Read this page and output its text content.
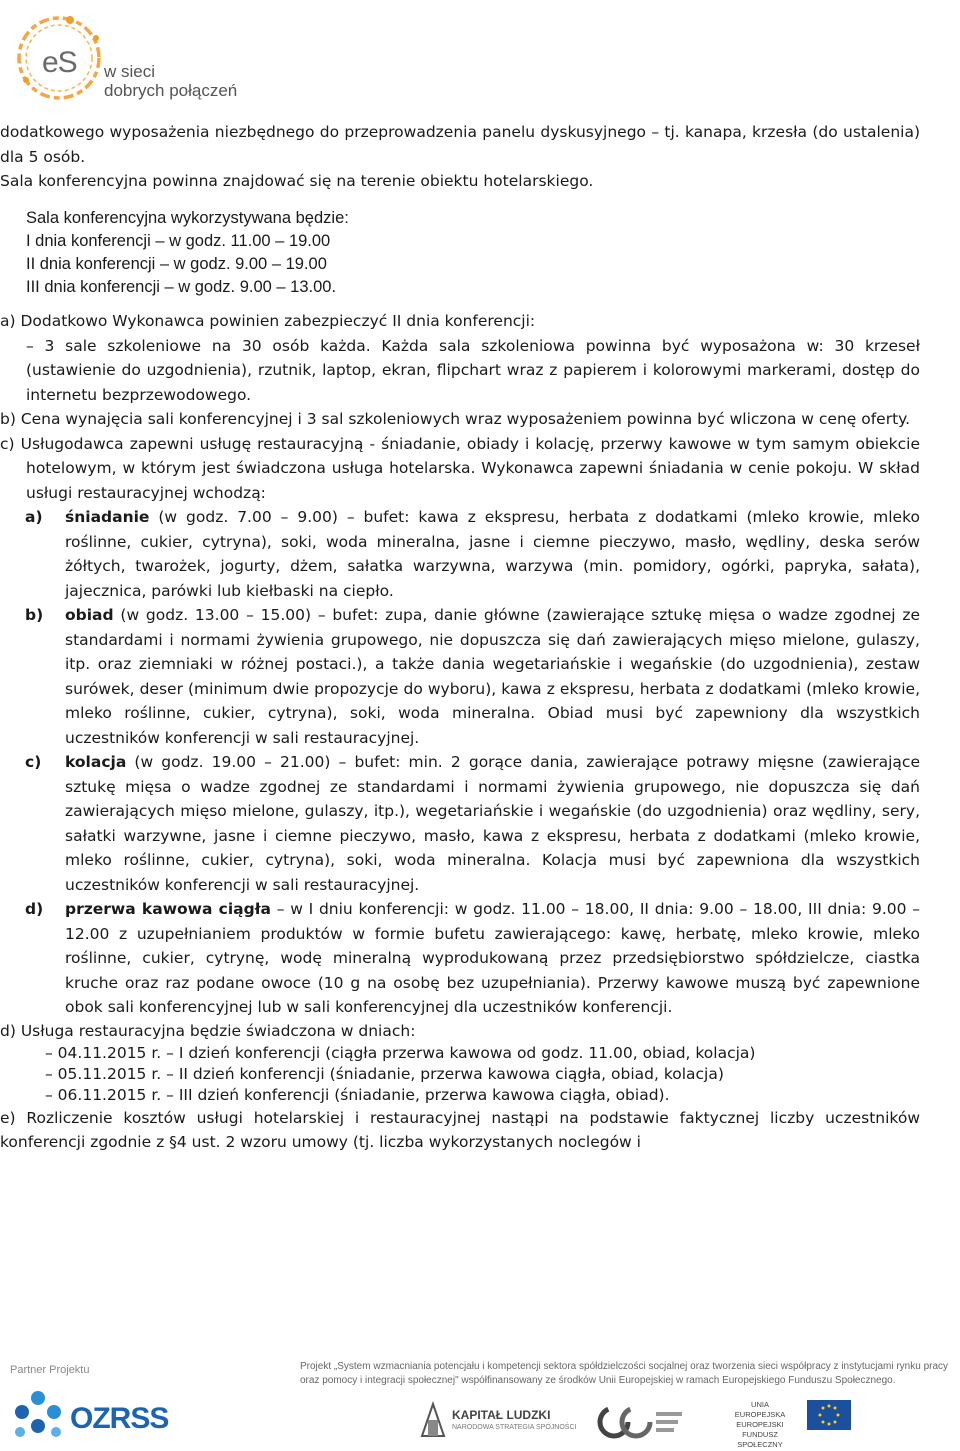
eS w sieci
dobrych połączeń
dodatkowego wyposażenia niezbędnego do przeprowadzenia panelu dyskusyjnego – tj. kanapa, krzesła (do ustalenia) dla 5 osób.
Sala konferencyjna powinna znajdować się na terenie obiektu hotelarskiego.
Sala konferencyjna wykorzystywana będzie:
I dnia konferencji – w godz. 11.00 – 19.00
II dnia konferencji – w godz. 9.00 – 19.00
III dnia konferencji – w godz. 9.00 – 13.00.
a) Dodatkowo Wykonawca powinien zabezpieczyć II dnia konferencji:
– 3 sale szkoleniowe na 30 osób każda. Każda sala szkoleniowa powinna być wyposażona w: 30 krzeseł (ustawienie do uzgodnienia), rzutnik, laptop, ekran, flipchart wraz z papierem i kolorowymi markerami, dostęp do internetu bezprzewodowego.
b) Cena wynajęcia sali konferencyjnej i 3 sal szkoleniowych wraz wyposażeniem powinna być wliczona w cenę oferty.
c) Usługodawca zapewni usługę restauracyjną - śniadanie, obiady i kolację, przerwy kawowe w tym samym obiekcie hotelowym, w którym jest świadczona usługa hotelarska. Wykonawca zapewni śniadania w cenie pokoju. W skład usługi restauracyjnej wchodzą:
a) śniadanie (w godz. 7.00 – 9.00) – bufet: kawa z ekspresu, herbata z dodatkami (mleko krowie, mleko roślinne, cukier, cytryna), soki, woda mineralna, jasne i ciemne pieczywo, masło, wędliny, deska serów żółtych, twarożek, jogurty, dżem, sałatka warzywna, warzywa (min. pomidory, ogórki, papryka, sałata), jajecznica, parówki lub kiełbaski na ciepło.
b) obiad (w godz. 13.00 – 15.00) – bufet: zupa, danie główne (zawierające sztukę mięsa o wadze zgodnej ze standardami i normami żywienia grupowego, nie dopuszcza się dań zawierających mięso mielone, gulaszy, itp. oraz ziemniaki w różnej postaci.), a także dania wegetariańskie i wegańskie (do uzgodnienia), zestaw surówek, deser (minimum dwie propozycje do wyboru), kawa z ekspresu, herbata z dodatkami (mleko krowie, mleko roślinne, cukier, cytryna), soki, woda mineralna. Obiad musi być zapewniony dla wszystkich uczestników konferencji w sali restauracyjnej.
c) kolacja (w godz. 19.00 – 21.00) – bufet: min. 2 gorące dania, zawierające potrawy mięsne (zawierające sztukę mięsa o wadze zgodnej ze standardami i normami żywienia grupowego, nie dopuszcza się dań zawierających mięso mielone, gulaszy, itp.), wegetariańskie i wegańskie (do uzgodnienia) oraz wędliny, sery, sałatki warzywne, jasne i ciemne pieczywo, masło, kawa z ekspresu, herbata z dodatkami (mleko krowie, mleko roślinne, cukier, cytryna), soki, woda mineralna. Kolacja musi być zapewniona dla wszystkich uczestników konferencji w sali restauracyjnej.
d) przerwa kawowa ciągła – w I dniu konferencji: w godz. 11.00 – 18.00, II dnia: 9.00 – 18.00, III dnia: 9.00 – 12.00 z uzupełnianiem produktów w formie bufetu zawierającego: kawę, herbatę, mleko krowie, mleko roślinne, cukier, cytrynę, wodę mineralną wyprodukowaną przez przedsiębiorstwo spółdzielcze, ciastka kruche oraz raz podane owoce (10 g na osobę bez uzupełniania). Przerwy kawowe muszą być zapewnione obok sali konferencyjnej lub w sali konferencyjnej dla uczestników konferencji.
d) Usługa restauracyjna będzie świadczona w dniach:
– 04.11.2015 r. – I dzień konferencji (ciągła przerwa kawowa od godz. 11.00, obiad, kolacja)
– 05.11.2015 r. – II dzień konferencji (śniadanie, przerwa kawowa ciągła, obiad, kolacja)
– 06.11.2015 r. – III dzień konferencji (śniadanie, przerwa kawowa ciągła, obiad).
e) Rozliczenie kosztów usługi hotelarskiej i restauracyjnej nastąpi na podstawie faktycznej liczby uczestników konferencji zgodnie z §4 ust. 2 wzoru umowy (tj. liczba wykorzystanych noclegów i
Partner Projektu	Projekt „System wzmacniania potencjału i kompetencji sektora spółdzielczości socjalnej oraz tworzenia sieci współpracy z instytucjami rynku pracy oraz pomocy i integracji społecznej" współfinansowany ze środków Unii Europejskiej w ramach Europejskiego Funduszu Społecznego.
OZRSS	KAPITAŁ LUDZKI
NARODOWA STRATEGIA SPÓJNOŚCI
UNIA EUROPEJSKA EUROPEJSKI FUNDUSZ SPOŁECZNY
